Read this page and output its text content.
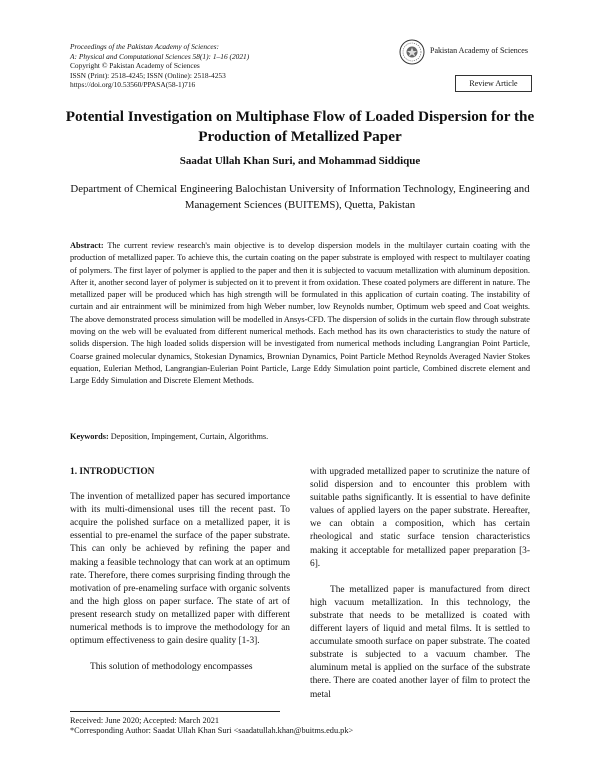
Proceedings of the Pakistan Academy of Sciences:
A: Physical and Computational Sciences 58(1): 1–16 (2021)
Copyright © Pakistan Academy of Sciences
ISSN (Print): 2518-4245; ISSN (Online): 2518-4253
https://doi.org/10.53560/PPASA(58-1)716
Pakistan Academy of Sciences
Review Article
Potential Investigation on Multiphase Flow of Loaded Dispersion for the Production of Metallized Paper
Saadat Ullah Khan Suri, and Mohammad Siddique
Department of Chemical Engineering Balochistan University of Information Technology, Engineering and Management Sciences (BUITEMS), Quetta, Pakistan
Abstract: The current review research's main objective is to develop dispersion models in the multilayer curtain coating with the production of metallized paper. To achieve this, the curtain coating on the paper substrate is employed with respect to multilayer coating of polymers. The first layer of polymer is applied to the paper and then it is subjected to vacuum metallization with aluminum deposition. After it, another second layer of polymer is subjected on it to prevent it from oxidation. These coated polymers are different in nature. The metallized paper will be produced which has high strength will be formulated in this application of curtain coating. The instability of curtain and air entrainment will be minimized from high Weber number, low Reynolds number, Optimum web speed and Coat weights. The above demonstrated process simulation will be modelled in Ansys-CFD. The dispersion of solids in the curtain flow through substrate moving on the web will be evaluated from different numerical methods. Each method has its own characteristics to study the nature of solids dispersion. The high loaded solids dispersion will be investigated from numerical methods including Langrangian Point Particle, Coarse grained molecular dynamics, Stokesian Dynamics, Brownian Dynamics, Point Particle Method Reynolds Averaged Navier Stokes equation, Eulerian Method, Langrangian-Eulerian Point Particle, Large Eddy Simulation point particle, Combined discrete element and Large Eddy Simulation and Discrete Element Methods.
Keywords: Deposition, Impingement, Curtain, Algorithms.
1. INTRODUCTION

The invention of metallized paper has secured importance with its multi-dimensional uses till the recent past. To acquire the polished surface on a metallized paper, it is essential to pre-enamel the surface of the paper substrate. This can only be achieved by refining the paper and making a feasible technology that can work at an optimum rate. Therefore, there comes surprising finding through the motivation of pre-enameling surface with organic solvents and the high gloss on paper surface. The state of art of present research study on metallized paper with different numerical methods is to improve the methodology for an optimum effectiveness to gain desire quality [1-3].

This solution of methodology encompasses

with upgraded metallized paper to scrutinize the nature of solid dispersion and to encounter this problem with suitable paths significantly. It is essential to have definite values of applied layers on the paper substrate. Hereafter, we can obtain a composition, which has certain rheological and static surface tension characteristics making it acceptable for metallized paper preparation [3-6].

The metallized paper is manufactured from direct high vacuum metallization. In this technology, the substrate that needs to be metallized is coated with different layers of liquid and metal films. It is settled to accumulate smooth surface on paper substrate. The coated substrate is subjected to a vacuum chamber. The aluminum metal is applied on the surface of the substrate there. There are coated another layer of film to protect the metal

Received: June 2020; Accepted: March 2021
*Corresponding Author: Saadat Ullah Khan Suri <saadatullah.khan@buitms.edu.pk>
